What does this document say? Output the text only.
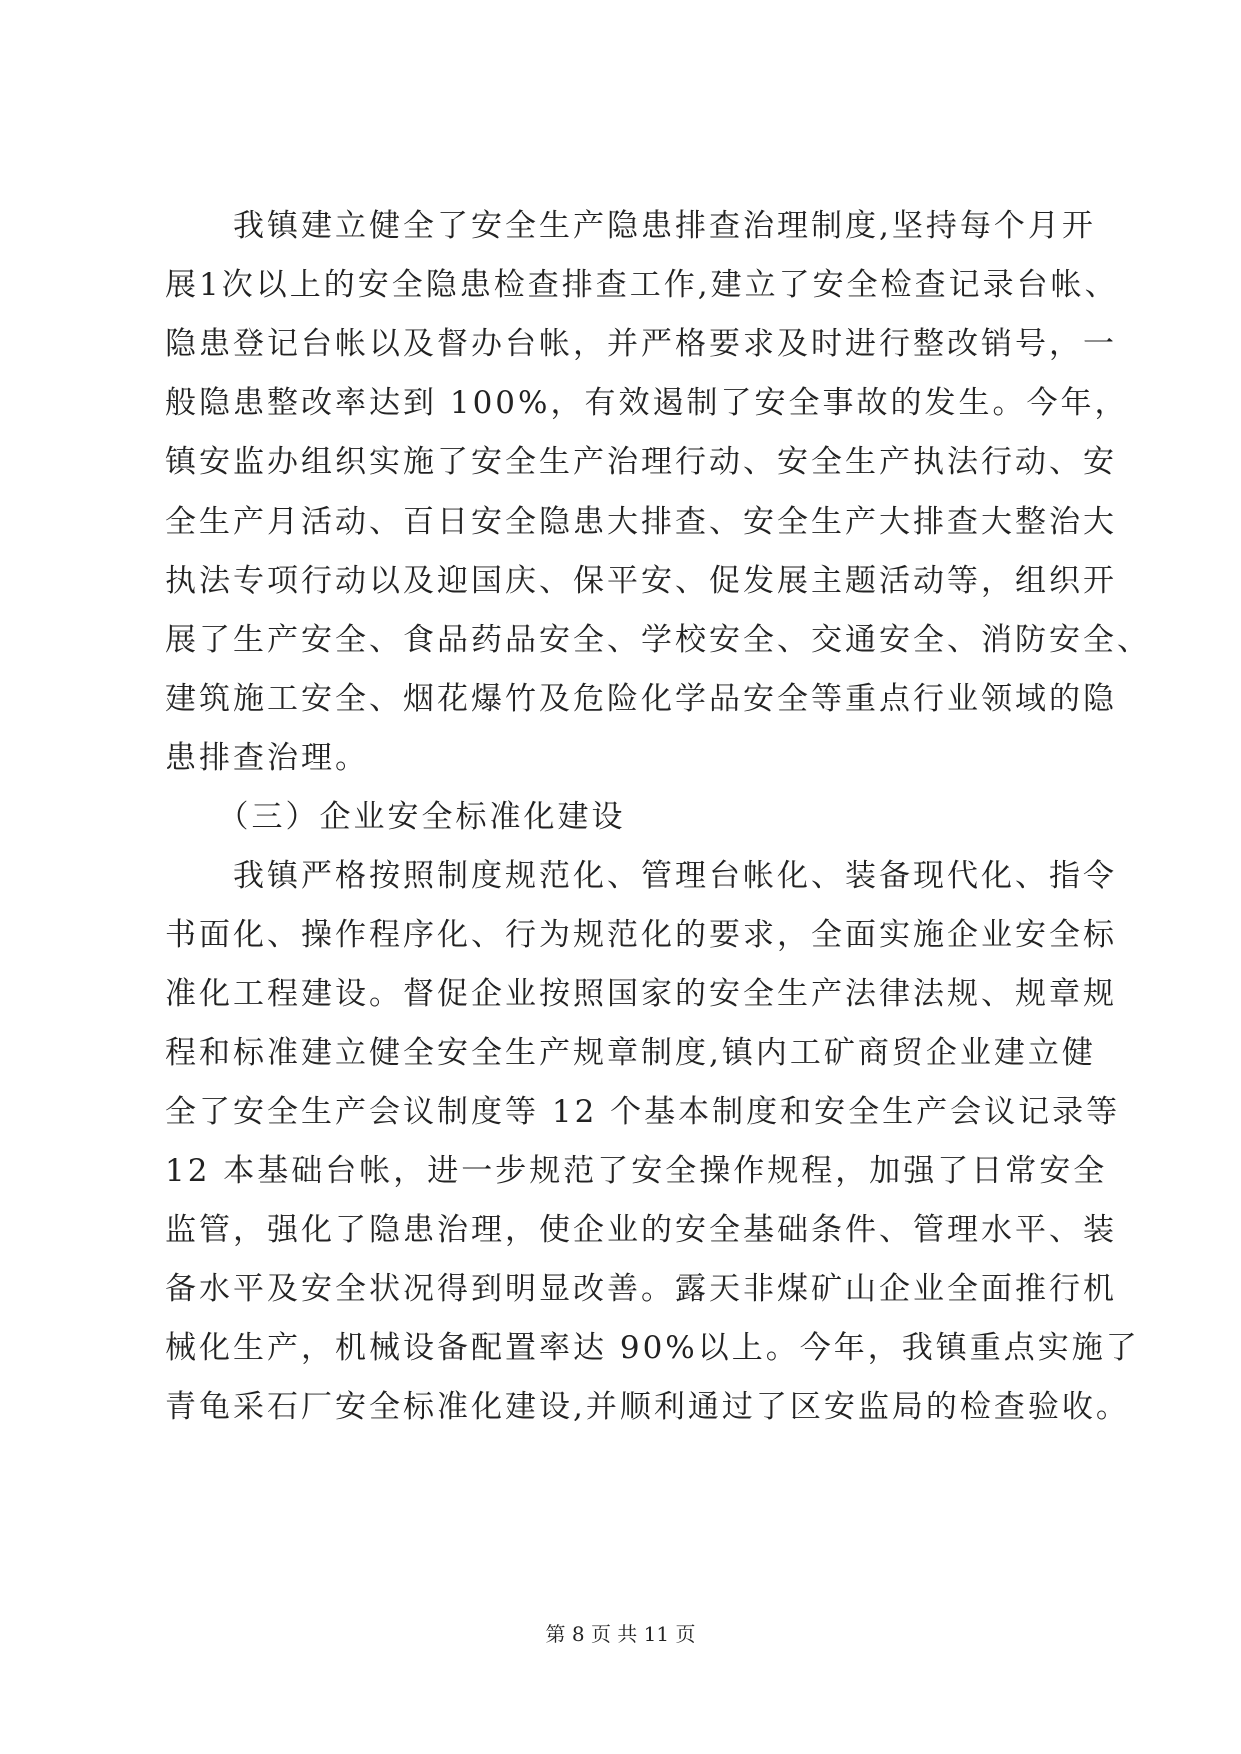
　　我镇建立健全了安全生产隐患排查治理制度,坚持每个月开
展1次以上的安全隐患检查排查工作,建立了安全检查记录台帐、
隐患登记台帐以及督办台帐，并严格要求及时进行整改销号，一
般隐患整改率达到 100%，有效遏制了安全事故的发生。今年，
镇安监办组织实施了安全生产治理行动、安全生产执法行动、安
全生产月活动、百日安全隐患大排查、安全生产大排查大整治大
执法专项行动以及迎国庆、保平安、促发展主题活动等，组织开
展了生产安全、食品药品安全、学校安全、交通安全、消防安全、
建筑施工安全、烟花爆竹及危险化学品安全等重点行业领域的隐
患排查治理。
　　（三）企业安全标准化建设
　　我镇严格按照制度规范化、管理台帐化、装备现代化、指令
书面化、操作程序化、行为规范化的要求，全面实施企业安全标
准化工程建设。督促企业按照国家的安全生产法律法规、规章规
程和标准建立健全安全生产规章制度,镇内工矿商贸企业建立健
全了安全生产会议制度等 12 个基本制度和安全生产会议记录等
12 本基础台帐，进一步规范了安全操作规程，加强了日常安全
监管，强化了隐患治理，使企业的安全基础条件、管理水平、装
备水平及安全状况得到明显改善。露天非煤矿山企业全面推行机
械化生产，机械设备配置率达 90%以上。今年，我镇重点实施了
青龟采石厂安全标准化建设,并顺利通过了区安监局的检查验收。
第 8 页 共 11 页
